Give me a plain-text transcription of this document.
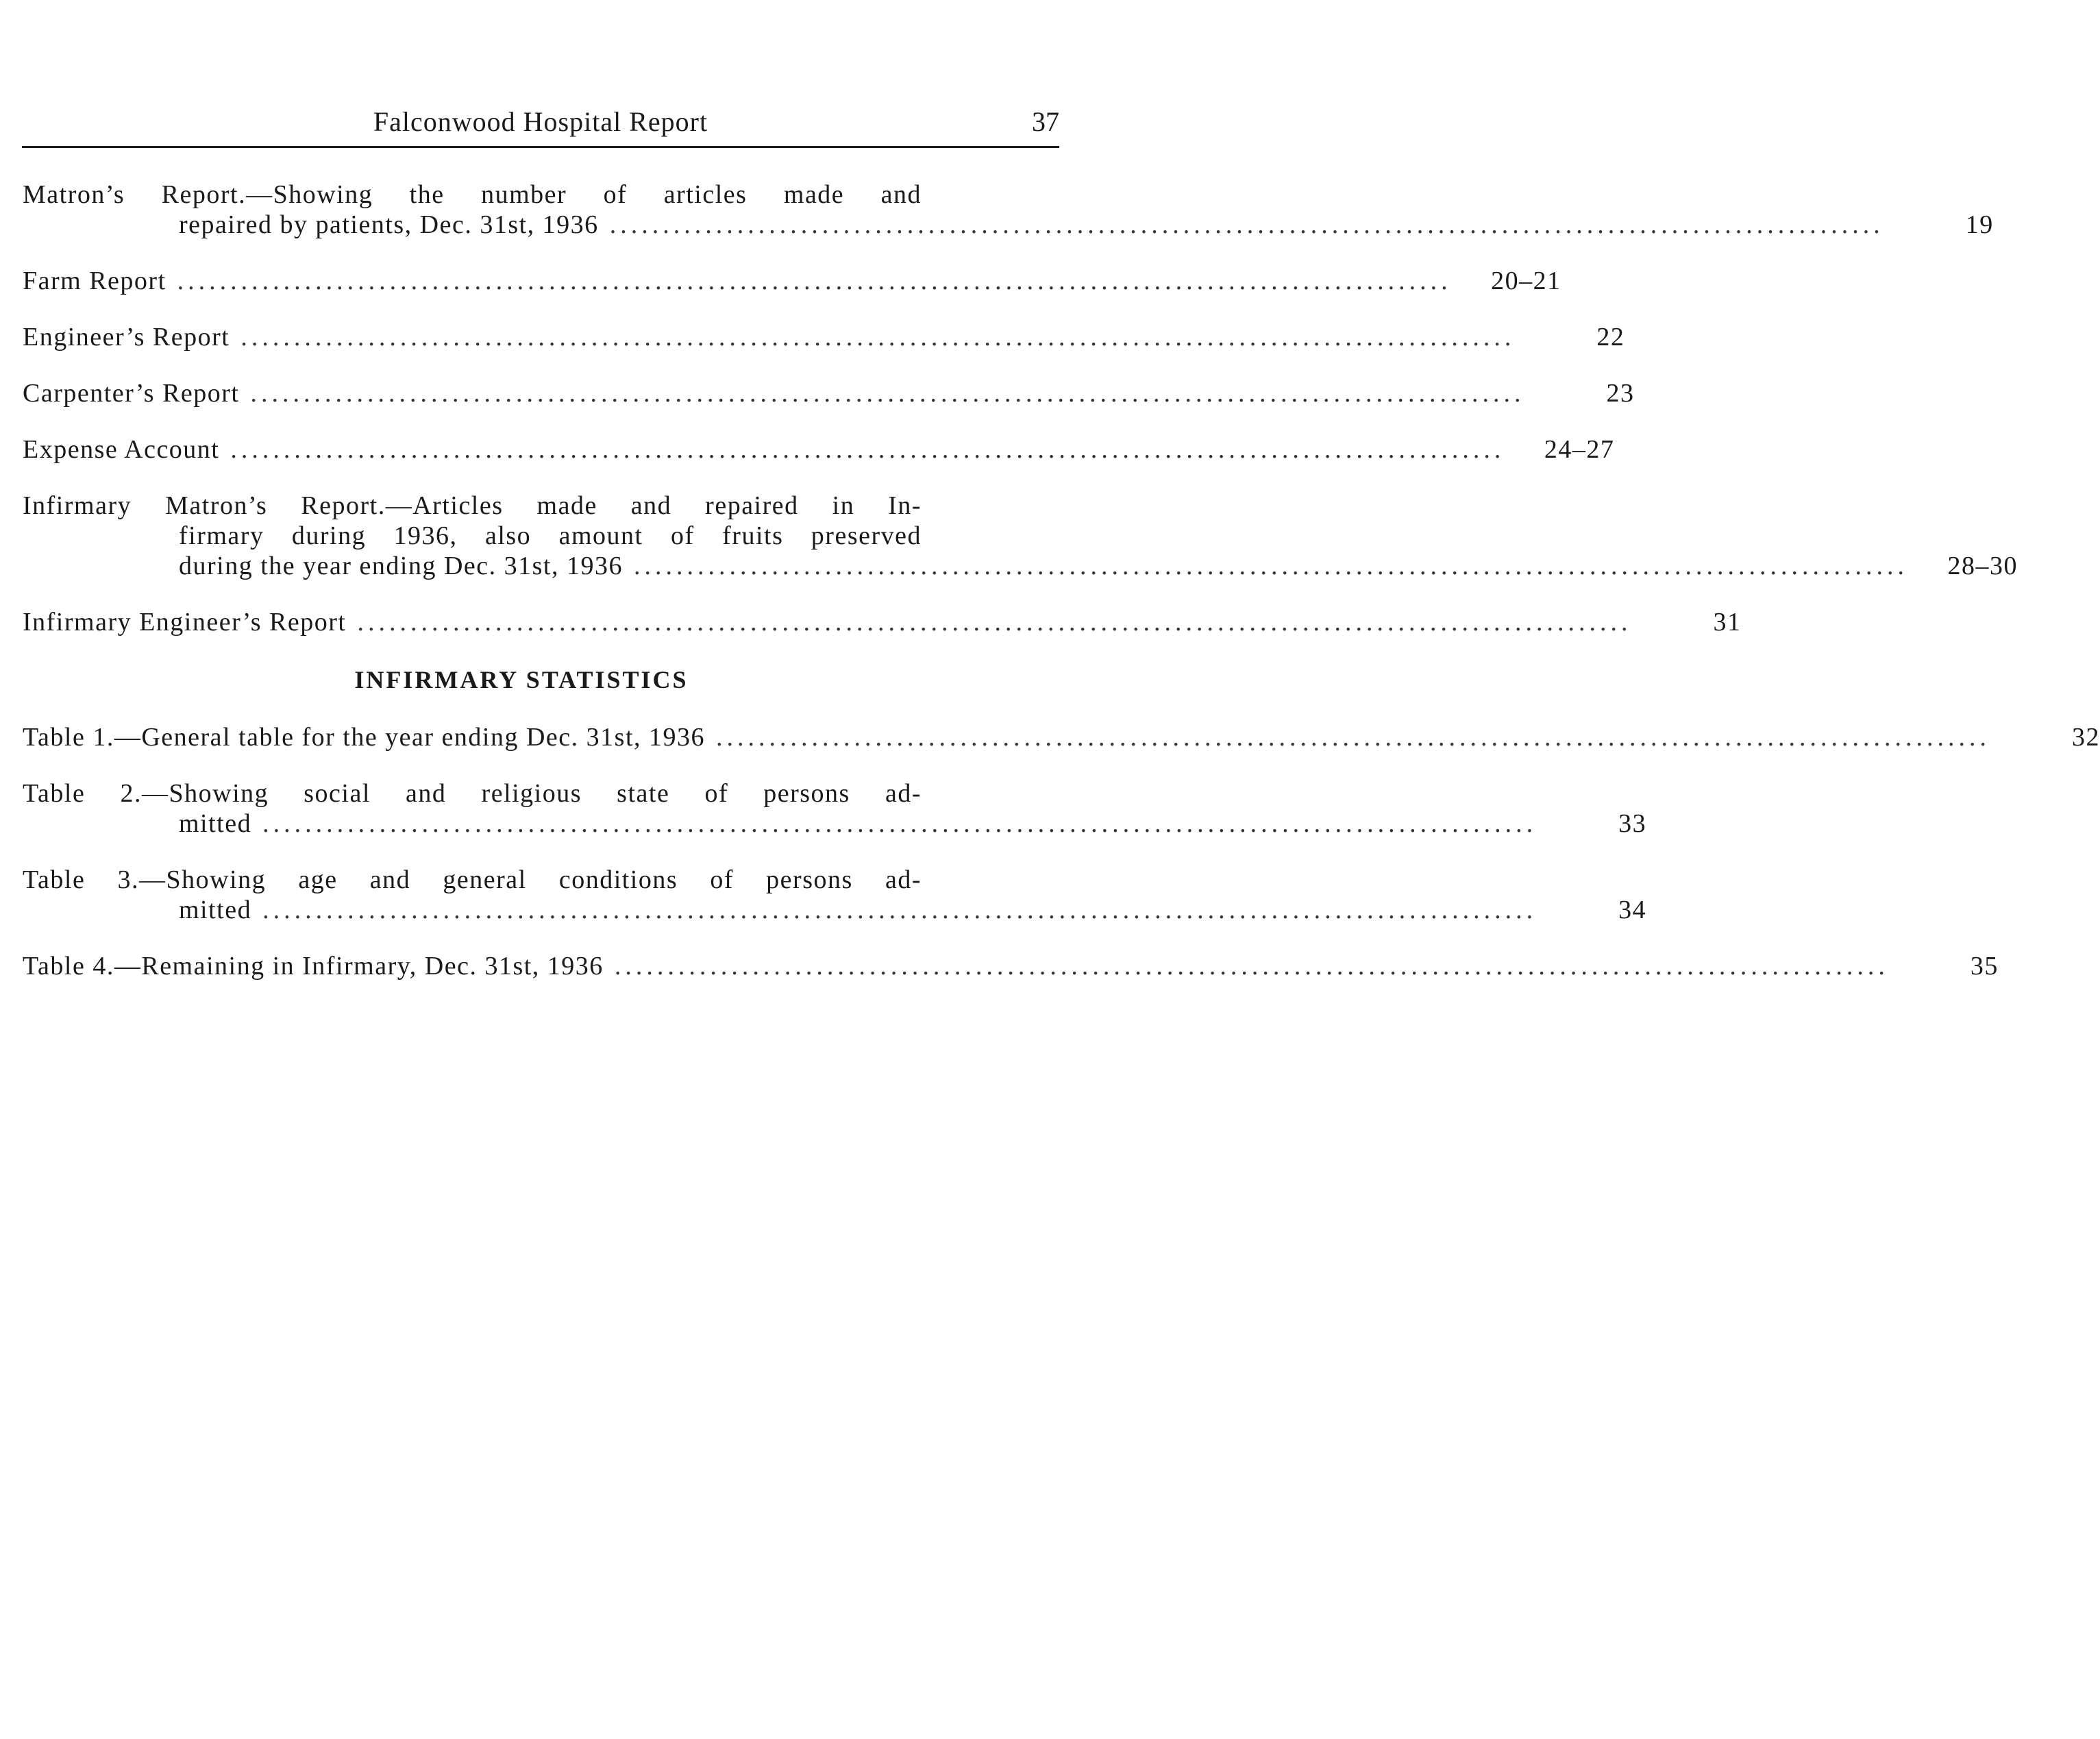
Falconwood Hospital Report	37
Matron’s Report.—Showing the number of articles made and
repaired by patients, Dec. 31st, 1936 ........................................................................................................................	19
Farm Report ........................................................................................................................	20–21
Engineer’s Report ........................................................................................................................	22
Carpenter’s Report ........................................................................................................................	23
Expense Account ........................................................................................................................	24–27
Infirmary Matron’s Report.—Articles made and repaired in In-
firmary during 1936, also amount of fruits preserved
during the year ending Dec. 31st, 1936 ........................................................................................................................	28–30
Infirmary Engineer’s Report ........................................................................................................................	31
INFIRMARY STATISTICS
Table 1.—General table for the year ending Dec. 31st, 1936 ........................................................................................................................	32
Table 2.—Showing social and religious state of persons ad-
mitted ........................................................................................................................	33
Table 3.—Showing age and general conditions of persons ad-
mitted ........................................................................................................................	34
Table 4.—Remaining in Infirmary, Dec. 31st, 1936 ........................................................................................................................	35
